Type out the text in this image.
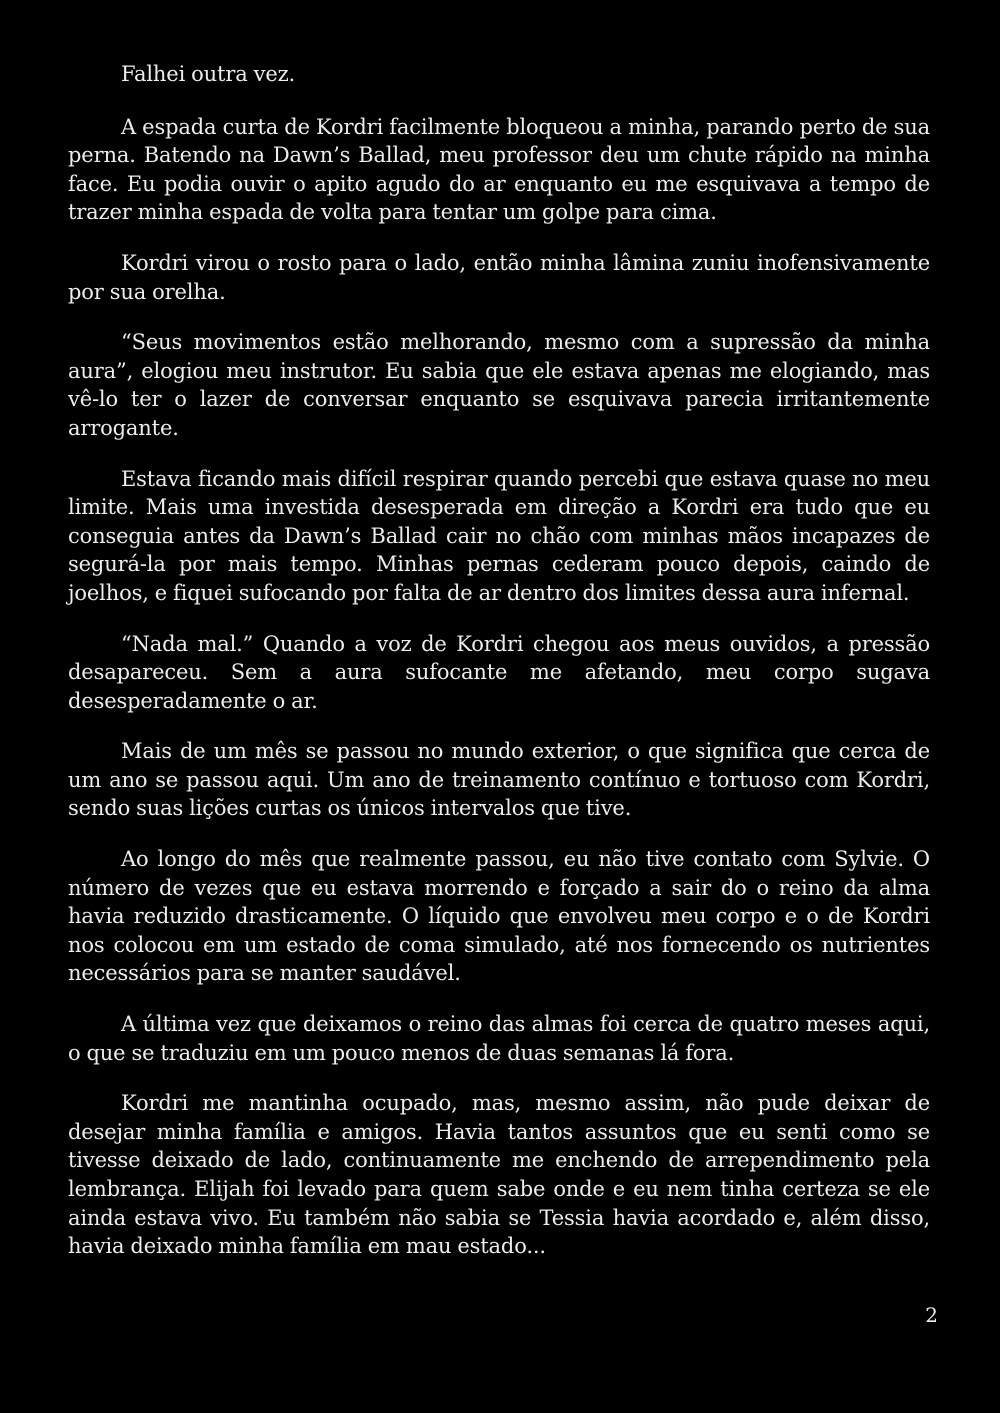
Falhei outra vez.

A espada curta de Kordri facilmente bloqueou a minha, parando perto de sua perna. Batendo na Dawn’s Ballad, meu professor deu um chute rápido na minha face. Eu podia ouvir o apito agudo do ar enquanto eu me esquivava a tempo de trazer minha espada de volta para tentar um golpe para cima.

Kordri virou o rosto para o lado, então minha lâmina zuniu inofensivamente por sua orelha.

“Seus movimentos estão melhorando, mesmo com a supressão da minha aura”, elogiou meu instrutor. Eu sabia que ele estava apenas me elogiando, mas vê-lo ter o lazer de conversar enquanto se esquivava parecia irritantemente arrogante.

Estava ficando mais difícil respirar quando percebi que estava quase no meu limite. Mais uma investida desesperada em direção a Kordri era tudo que eu conseguia antes da Dawn’s Ballad cair no chão com minhas mãos incapazes de segurá-la por mais tempo. Minhas pernas cederam pouco depois, caindo de joelhos, e fiquei sufocando por falta de ar dentro dos limites dessa aura infernal.

“Nada mal.” Quando a voz de Kordri chegou aos meus ouvidos, a pressão desapareceu. Sem a aura sufocante me afetando, meu corpo sugava desesperadamente o ar.

Mais de um mês se passou no mundo exterior, o que significa que cerca de um ano se passou aqui. Um ano de treinamento contínuo e tortuoso com Kordri, sendo suas lições curtas os únicos intervalos que tive.

Ao longo do mês que realmente passou, eu não tive contato com Sylvie. O número de vezes que eu estava morrendo e forçado a sair do o reino da alma havia reduzido drasticamente. O líquido que envolveu meu corpo e o de Kordri nos colocou em um estado de coma simulado, até nos fornecendo os nutrientes necessários para se manter saudável.

A última vez que deixamos o reino das almas foi cerca de quatro meses aqui, o que se traduziu em um pouco menos de duas semanas lá fora.

Kordri me mantinha ocupado, mas, mesmo assim, não pude deixar de desejar minha família e amigos. Havia tantos assuntos que eu senti como se tivesse deixado de lado, continuamente me enchendo de arrependimento pela lembrança. Elijah foi levado para quem sabe onde e eu nem tinha certeza se ele ainda estava vivo. Eu também não sabia se Tessia havia acordado e, além disso, havia deixado minha família em mau estado...

2
